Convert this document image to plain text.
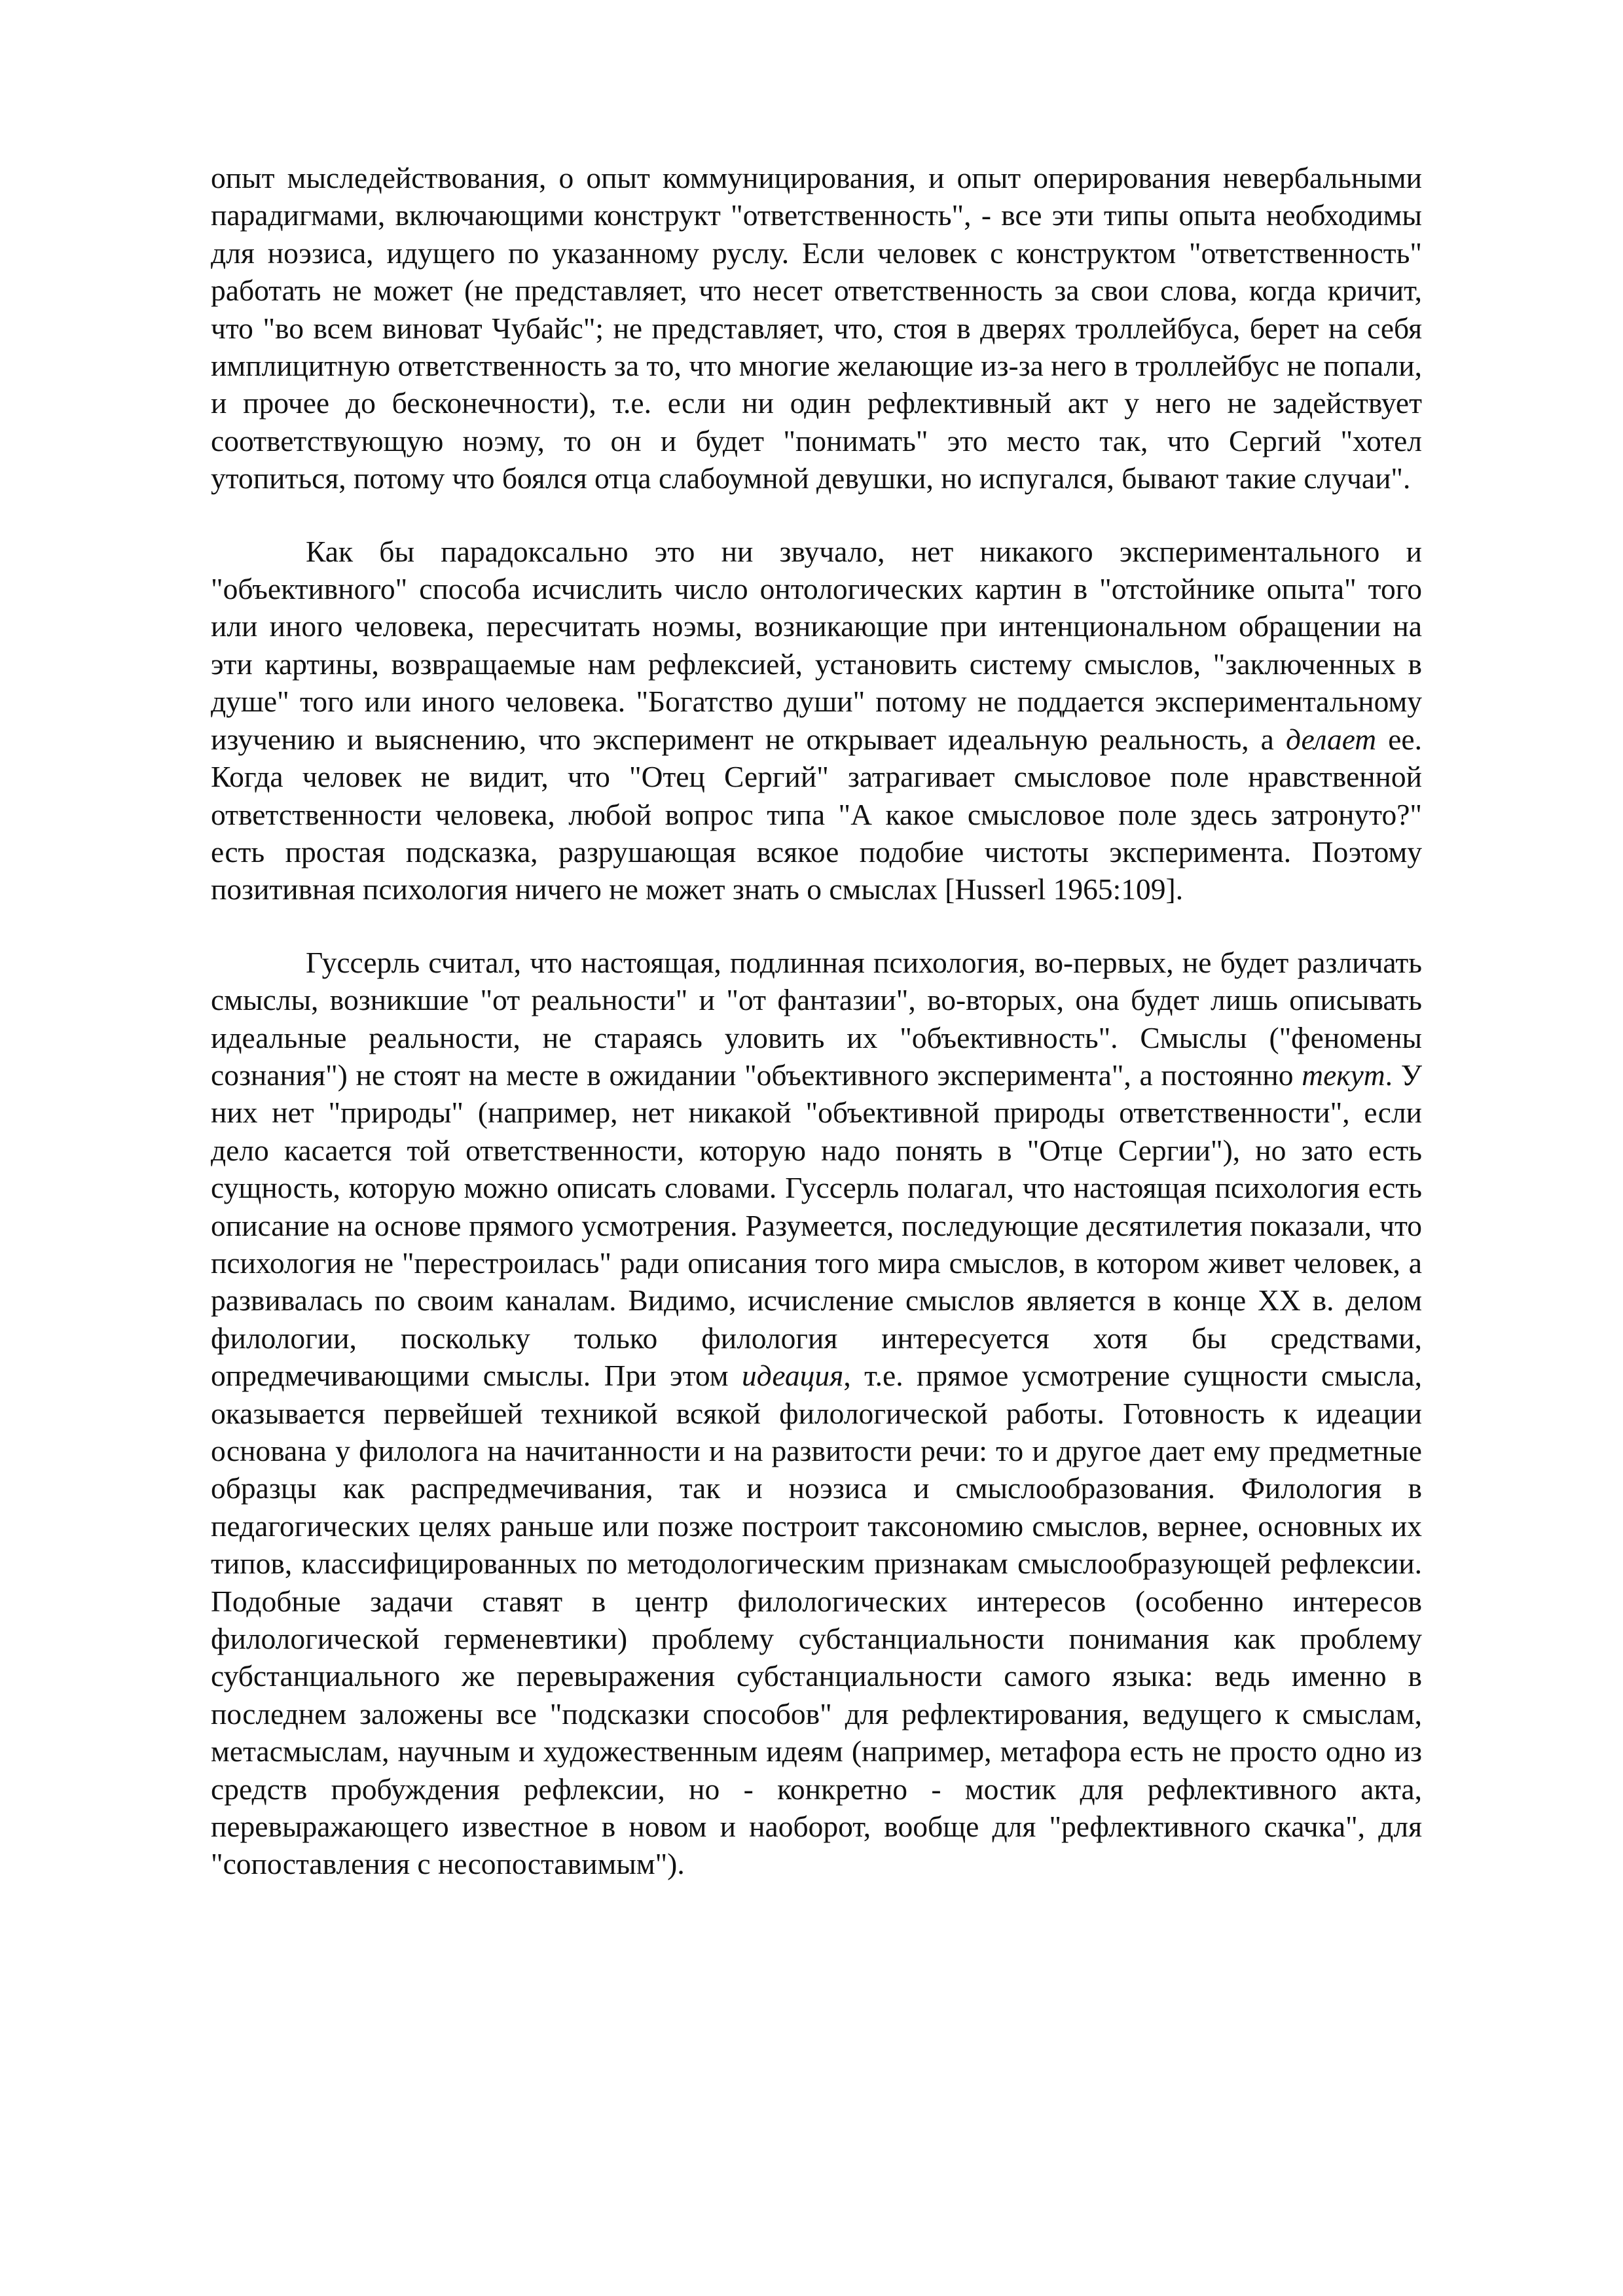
опыт мыследействования, о опыт коммуницирования, и опыт оперирования невербальными парадигмами, включающими конструкт "ответственность", - все эти типы опыта необходимы для ноэзиса, идущего по указанному руслу. Если человек с конструктом "ответственность" работать не может (не представляет, что несет ответственность за свои слова, когда кричит, что "во всем виноват Чубайс"; не представляет, что, стоя в дверях троллейбуса, берет на себя имплицитную ответственность за то, что многие желающие из-за него в троллейбус не попали, и прочее до бесконечности), т.е. если ни один рефлективный акт у него не задействует соответствующую ноэму, то он и будет "понимать" это место так, что Сергий "хотел утопиться, потому что боялся отца слабоумной девушки, но испугался, бывают такие случаи".

Как бы парадоксально это ни звучало, нет никакого экспериментального и "объективного" способа исчислить число онтологических картин в "отстойнике опыта" того или иного человека, пересчитать ноэмы, возникающие при интенциональном обращении на эти картины, возвращаемые нам рефлексией, установить систему смыслов, "заключенных в душе" того или иного человека. "Богатство души" потому не поддается экспериментальному изучению и выяснению, что эксперимент не открывает идеальную реальность, а делает ее. Когда человек не видит, что "Отец Сергий" затрагивает смысловое поле нравственной ответственности человека, любой вопрос типа "А какое смысловое поле здесь затронуто?" есть простая подсказка, разрушающая всякое подобие чистоты эксперимента. Поэтому позитивная психология ничего не может знать о смыслах [Husserl 1965:109].

Гуссерль считал, что настоящая, подлинная психология, во-первых, не будет различать смыслы, возникшие "от реальности" и "от фантазии", во-вторых, она будет лишь описывать идеальные реальности, не стараясь уловить их "объективность". Смыслы ("феномены сознания") не стоят на месте в ожидании "объективного эксперимента", а постоянно текут. У них нет "природы" (например, нет никакой "объективной природы ответственности", если дело касается той ответственности, которую надо понять в "Отце Сергии"), но зато есть сущность, которую можно описать словами. Гуссерль полагал, что настоящая психология есть описание на основе прямого усмотрения. Разумеется, последующие десятилетия показали, что психология не "перестроилась" ради описания того мира смыслов, в котором живет человек, а развивалась по своим каналам. Видимо, исчисление смыслов является в конце XX в. делом филологии, поскольку только филология интересуется хотя бы средствами, опредмечивающими смыслы. При этом идеация, т.е. прямое усмотрение сущности смысла, оказывается первейшей техникой всякой филологической работы. Готовность к идеации основана у филолога на начитанности и на развитости речи: то и другое дает ему предметные образцы как распредмечивания, так и ноэзиса и смыслообразования. Филология в педагогических целях раньше или позже построит таксономию смыслов, вернее, основных их типов, классифицированных по методологическим признакам смыслообразующей рефлексии. Подобные задачи ставят в центр филологических интересов (особенно интересов филологической герменевтики) проблему субстанциальности понимания как проблему субстанциального же перевыражения субстанциальности самого языка: ведь именно в последнем заложены все "подсказки способов" для рефлектирования, ведущего к смыслам, метасмыслам, научным и художественным идеям (например, метафора есть не просто одно из средств пробуждения рефлексии, но - конкретно - мостик для рефлективного акта, перевыражающего известное в новом и наоборот, вообще для "рефлективного скачка", для "сопоставления с несопоставимым").
